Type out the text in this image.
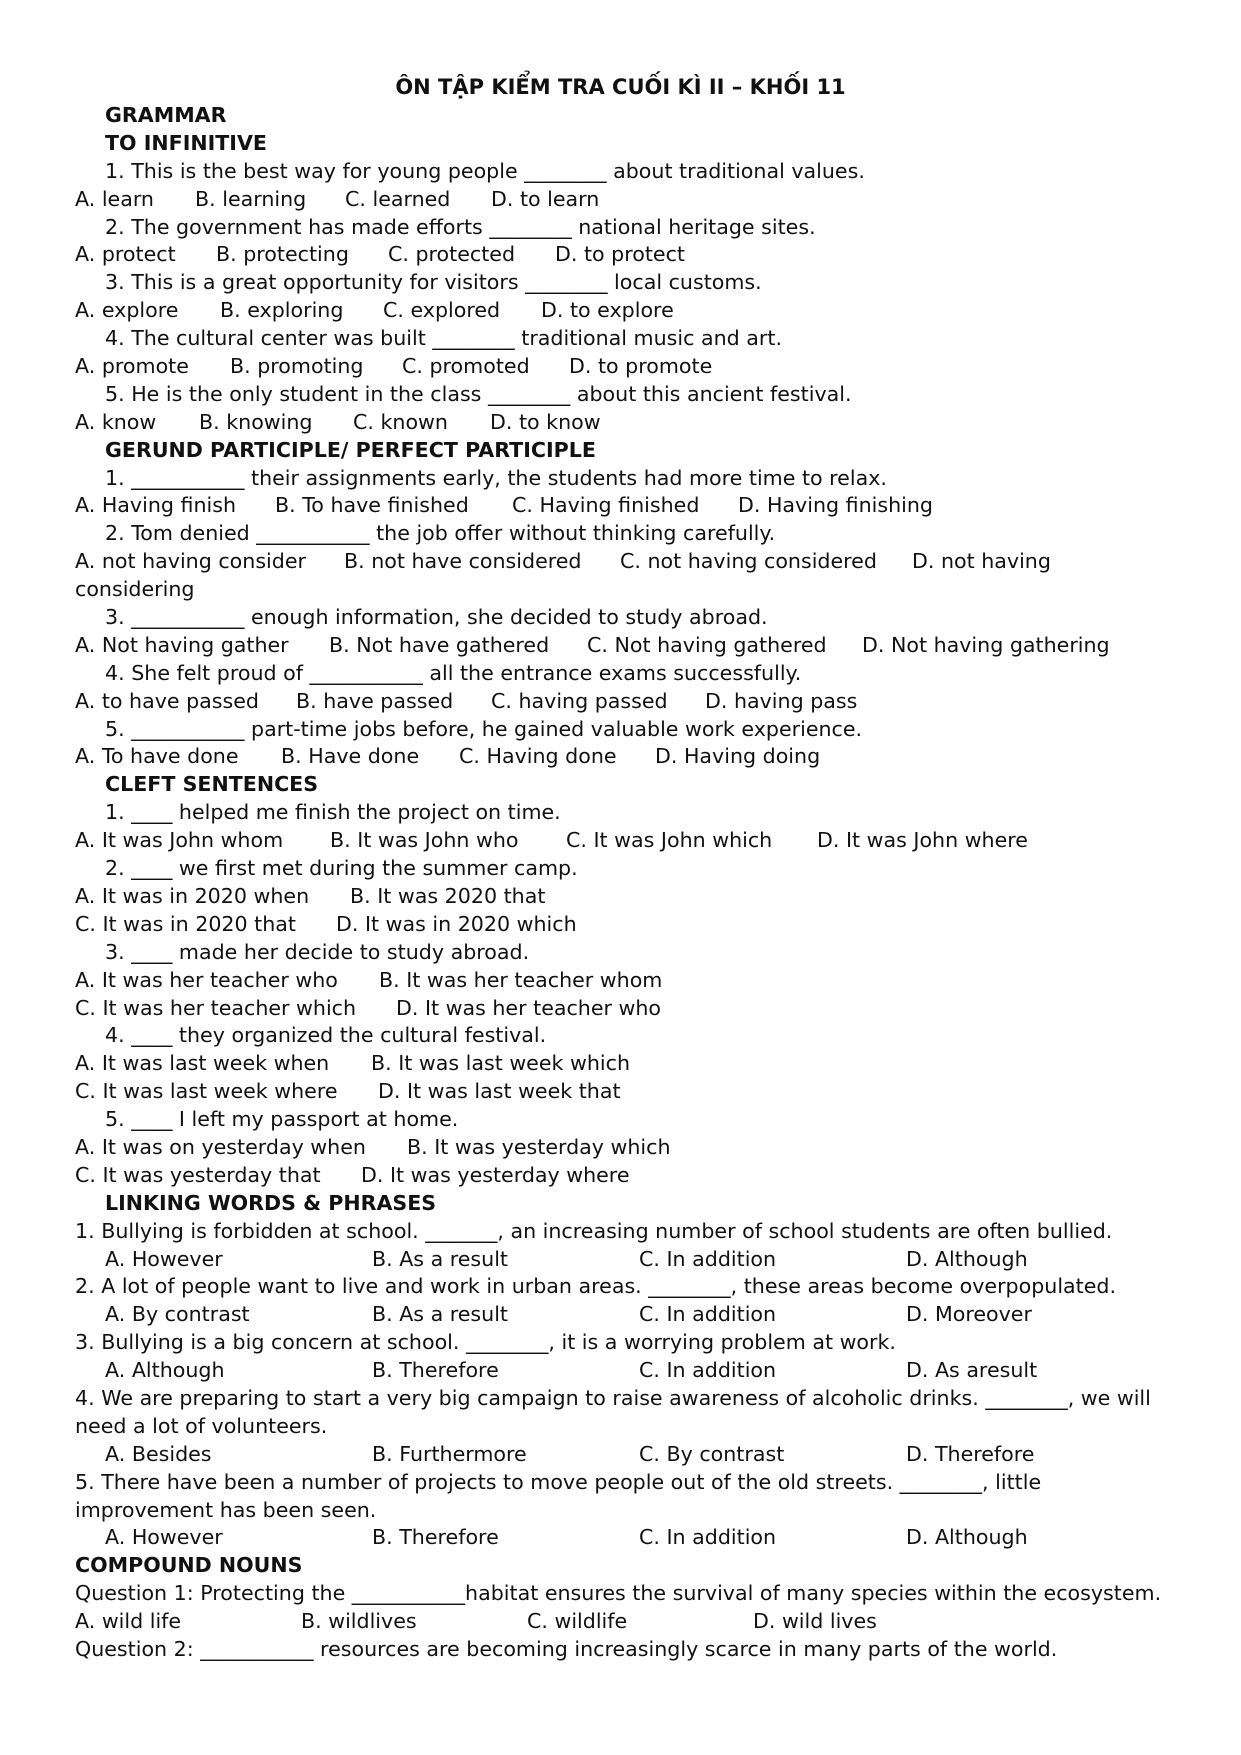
ÔN TẬP KIỂM TRA CUỐI KÌ II – KHỐI 11
GRAMMAR
TO INFINITIVE
1. This is the best way for young people ________ about traditional values.
A. learn B. learning C. learned D. to learn
2. The government has made efforts ________ national heritage sites.
A. protect B. protecting C. protected D. to protect
3. This is a great opportunity for visitors ________ local customs.
A. explore B. exploring C. explored D. to explore
4. The cultural center was built ________ traditional music and art.
A. promote B. promoting C. promoted D. to promote
5. He is the only student in the class ________ about this ancient festival.
A. know B. knowing C. known D. to know
GERUND PARTICIPLE/ PERFECT PARTICIPLE
1. ___________ their assignments early, the students had more time to relax.
A. Having finish B. To have finished C. Having finished D. Having finishing
2. Tom denied ___________ the job offer without thinking carefully.
A. not having consider B. not have considered C. not having considered D. not having
considering
3. ___________ enough information, she decided to study abroad.
A. Not having gather B. Not have gathered C. Not having gathered D. Not having gathering
4. She felt proud of ___________ all the entrance exams successfully.
A. to have passed B. have passed C. having passed D. having pass
5. ___________ part-time jobs before, he gained valuable work experience.
A. To have done B. Have done C. Having done D. Having doing
CLEFT SENTENCES
1. ____ helped me finish the project on time.
A. It was John whom B. It was John who C. It was John which D. It was John where
2. ____ we first met during the summer camp.
A. It was in 2020 when B. It was 2020 that
C. It was in 2020 that D. It was in 2020 which
3. ____ made her decide to study abroad.
A. It was her teacher who B. It was her teacher whom
C. It was her teacher which D. It was her teacher who
4. ____ they organized the cultural festival.
A. It was last week when B. It was last week which
C. It was last week where D. It was last week that
5. ____ I left my passport at home.
A. It was on yesterday when B. It was yesterday which
C. It was yesterday that D. It was yesterday where
LINKING WORDS & PHRASES
1. Bullying is forbidden at school. _______, an increasing number of school students are often bullied.
A. However	B. As a result	C. In addition	D. Although
2. A lot of people want to live and work in urban areas. ________, these areas become overpopulated.
A. By contrast	B. As a result	C. In addition	D. Moreover
3. Bullying is a big concern at school. ________, it is a worrying problem at work.
A. Although	B. Therefore	C. In addition	D. As aresult
4. We are preparing to start a very big campaign to raise awareness of alcoholic drinks. ________, we will
need a lot of volunteers.
A. Besides	B. Furthermore	C. By contrast	D. Therefore
5. There have been a number of projects to move people out of the old streets. ________, little
improvement has been seen.
A. However	B. Therefore	C. In addition	D. Although
COMPOUND NOUNS
Question 1: Protecting the ___________habitat ensures the survival of many species within the ecosystem.
A. wild life	B. wildlives	C. wildlife	D. wild lives
Question 2: ___________ resources are becoming increasingly scarce in many parts of the world.
